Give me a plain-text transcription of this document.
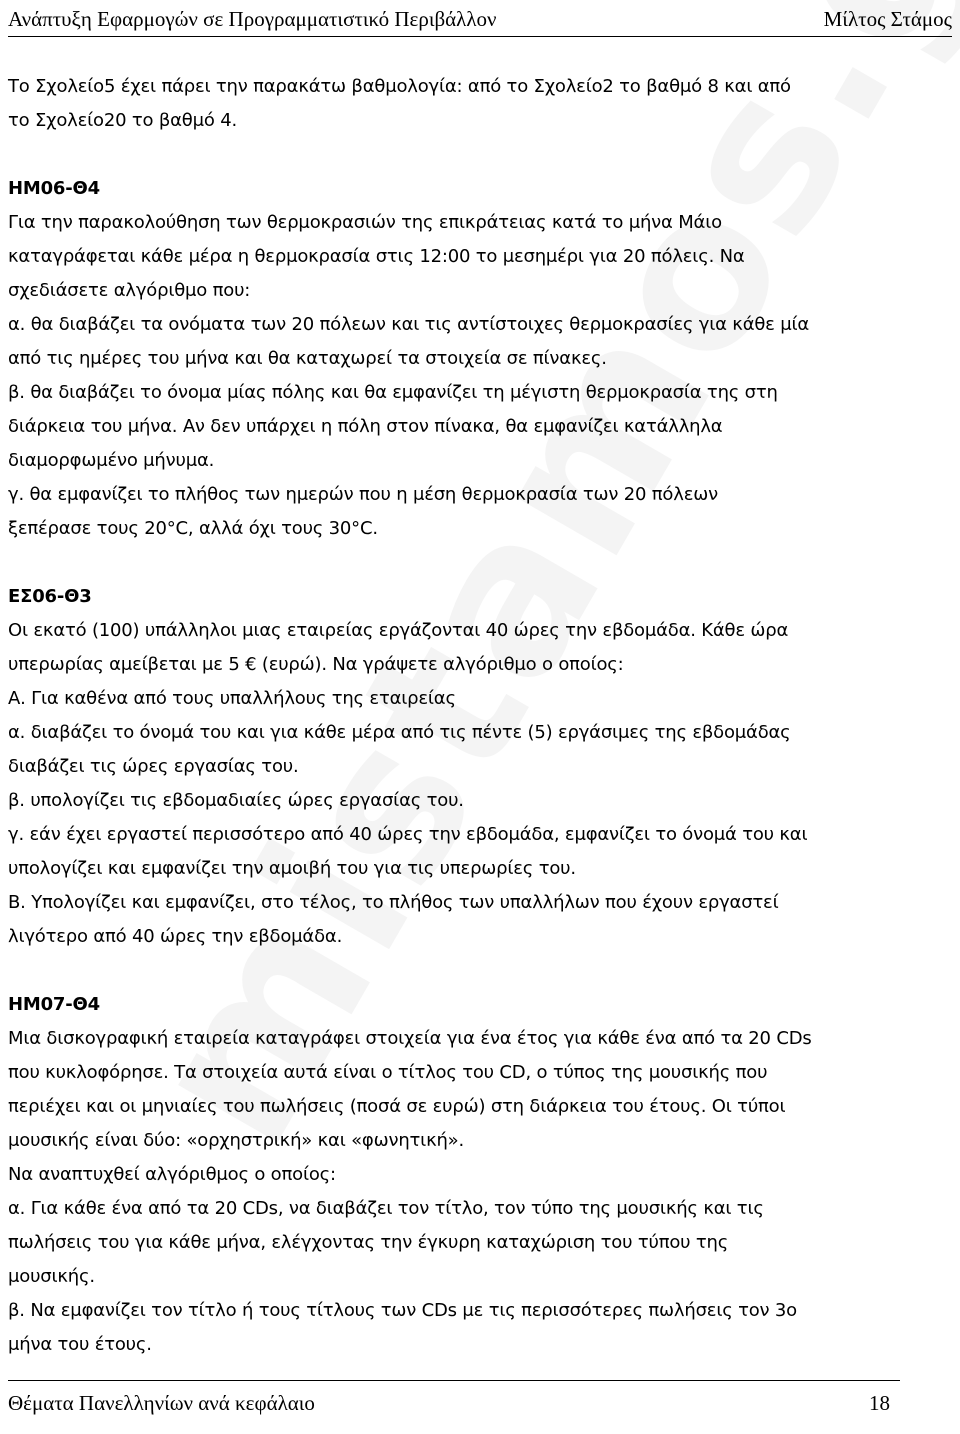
Ανάπτυξη Εφαρμογών σε Προγραμματιστικό Περιβάλλον	Μίλτος Στάμος

Το Σχολείο5 έχει πάρει την παρακάτω βαθμολογία: από το Σχολείο2 το βαθμό 8 και από

το Σχολείο20 το βαθμό 4.

ΗΜ06-Θ4

Για την παρακολούθηση των θερμοκρασιών της επικράτειας κατά το μήνα Μάιο

καταγράφεται κάθε μέρα η θερμοκρασία στις 12:00 το μεσημέρι για 20 πόλεις. Να

σχεδιάσετε αλγόριθμο που:

α. θα διαβάζει τα ονόματα των 20 πόλεων και τις αντίστοιχες θερμοκρασίες για κάθε μία

από τις ημέρες του μήνα και θα καταχωρεί τα στοιχεία σε πίνακες.

β. θα διαβάζει το όνομα μίας πόλης και θα εμφανίζει τη μέγιστη θερμοκρασία της στη

διάρκεια του μήνα. Αν δεν υπάρχει η πόλη στον πίνακα, θα εμφανίζει κατάλληλα

διαμορφωμένο μήνυμα.

γ. θα εμφανίζει το πλήθος των ημερών που η μέση θερμοκρασία των 20 πόλεων

ξεπέρασε τους 20°C, αλλά όχι τους 30°C.

ΕΣ06-Θ3

Οι εκατό (100) υπάλληλοι μιας εταιρείας εργάζονται 40 ώρες την εβδομάδα. Κάθε ώρα

υπερωρίας αμείβεται με 5 € (ευρώ). Να γράψετε αλγόριθμο ο οποίος:

Α. Για καθένα από τους υπαλλήλους της εταιρείας

α. διαβάζει το όνομά του και για κάθε μέρα από τις πέντε (5) εργάσιμες της εβδομάδας

διαβάζει τις ώρες εργασίας του.

β. υπολογίζει τις εβδομαδιαίες ώρες εργασίας του.

γ. εάν έχει εργαστεί περισσότερο από 40 ώρες την εβδομάδα, εμφανίζει το όνομά του και

υπολογίζει και εμφανίζει την αμοιβή του για τις υπερωρίες του.

Β. Υπολογίζει και εμφανίζει, στο τέλος, το πλήθος των υπαλλήλων που έχουν εργαστεί

λιγότερο από 40 ώρες την εβδομάδα.

ΗΜ07-Θ4

Μια δισκογραφική εταιρεία καταγράφει στοιχεία για ένα έτος για κάθε ένα από τα 20 CDs

που κυκλοφόρησε. Τα στοιχεία αυτά είναι ο τίτλος του CD, ο τύπος της μουσικής που

περιέχει και οι μηνιαίες του πωλήσεις (ποσά σε ευρώ) στη διάρκεια του έτους. Οι τύποι

μουσικής είναι δύο: «ορχηστρική» και «φωνητική».

Να αναπτυχθεί αλγόριθμος ο οποίος:

α. Για κάθε ένα από τα 20 CDs, να διαβάζει τον τίτλο, τον τύπο της μουσικής και τις

πωλήσεις του για κάθε μήνα, ελέγχοντας την έγκυρη καταχώριση του τύπου της

μουσικής.

β. Να εμφανίζει τον τίτλο ή τους τίτλους των CDs με τις περισσότερες πωλήσεις τον 3ο

μήνα του έτους.

Θέματα Πανελληνίων ανά κεφάλαιο	18
